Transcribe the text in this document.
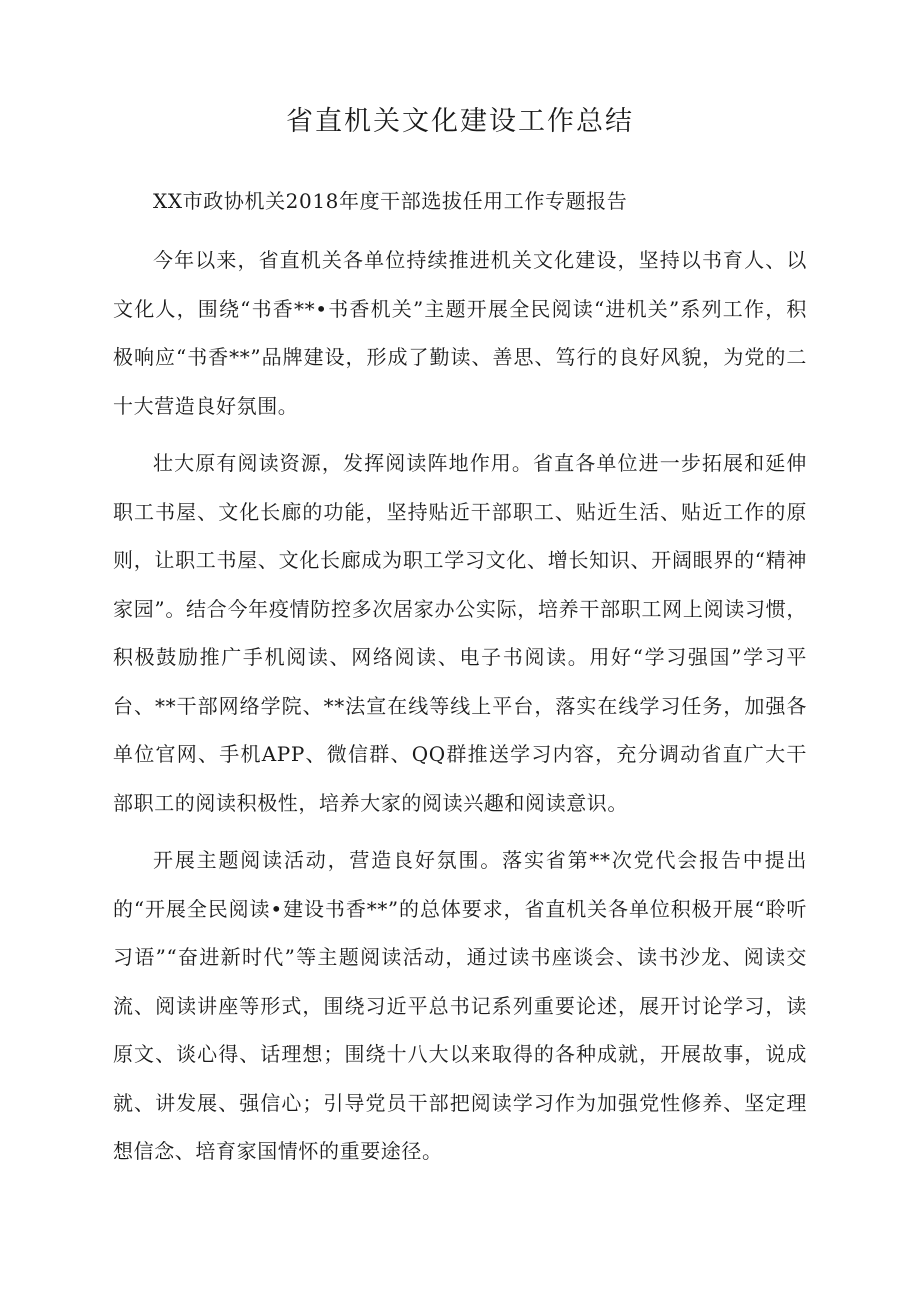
省直机关文化建设工作总结

XX市政协机关2018年度干部选拔任用工作专题报告

今年以来，省直机关各单位持续推进机关文化建设，坚持以书育人、以文化人，围绕“书香**•书香机关”主题开展全民阅读“进机关”系列工作，积极响应“书香**”品牌建设，形成了勤读、善思、笃行的良好风貌，为党的二十大营造良好氛围。

壮大原有阅读资源，发挥阅读阵地作用。省直各单位进一步拓展和延伸职工书屋、文化长廊的功能，坚持贴近干部职工、贴近生活、贴近工作的原则，让职工书屋、文化长廊成为职工学习文化、增长知识、开阔眼界的“精神家园”。结合今年疫情防控多次居家办公实际，培养干部职工网上阅读习惯，积极鼓励推广手机阅读、网络阅读、电子书阅读。用好“学习强国”学习平台、**干部网络学院、**法宣在线等线上平台，落实在线学习任务，加强各单位官网、手机APP、微信群、QQ群推送学习内容，充分调动省直广大干部职工的阅读积极性，培养大家的阅读兴趣和阅读意识。

开展主题阅读活动，营造良好氛围。落实省第**次党代会报告中提出的“开展全民阅读•建设书香**”的总体要求，省直机关各单位积极开展“聆听习语”“奋进新时代”等主题阅读活动，通过读书座谈会、读书沙龙、阅读交流、阅读讲座等形式，围绕习近平总书记系列重要论述，展开讨论学习，读原文、谈心得、话理想；围绕十八大以来取得的各种成就，开展故事，说成就、讲发展、强信心；引导党员干部把阅读学习作为加强党性修养、坚定理想信念、培育家国情怀的重要途径。
